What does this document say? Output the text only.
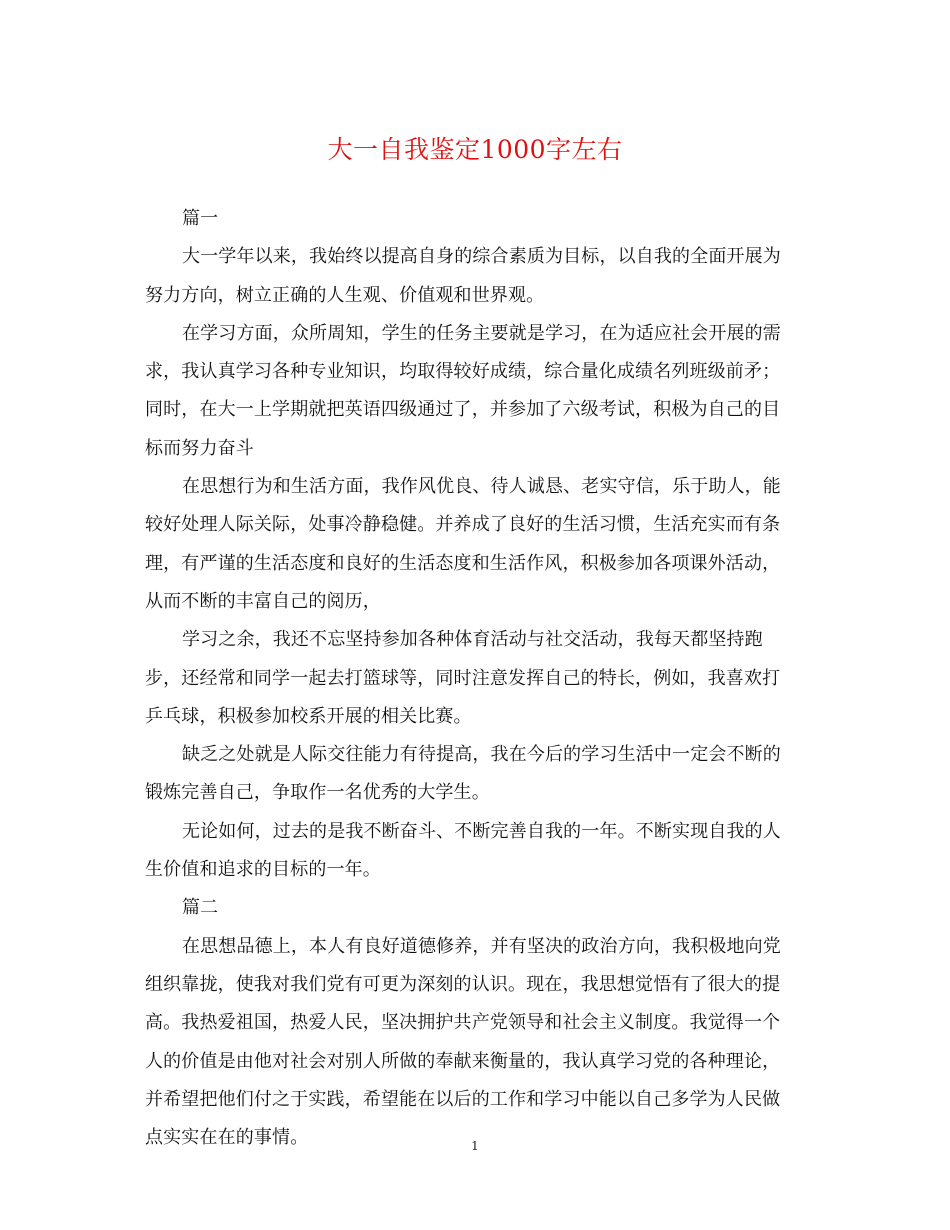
大一自我鉴定1000字左右
篇一
大一学年以来，我始终以提高自身的综合素质为目标，以自我的全面开展为
努力方向，树立正确的人生观、价值观和世界观。
在学习方面，众所周知，学生的任务主要就是学习，在为适应社会开展的需
求，我认真学习各种专业知识，均取得较好成绩，综合量化成绩名列班级前矛；
同时，在大一上学期就把英语四级通过了，并参加了六级考试，积极为自己的目
标而努力奋斗
在思想行为和生活方面，我作风优良、待人诚恳、老实守信，乐于助人，能
较好处理人际关际，处事冷静稳健。并养成了良好的生活习惯，生活充实而有条
理，有严谨的生活态度和良好的生活态度和生活作风，积极参加各项课外活动，
从而不断的丰富自己的阅历，
学习之余，我还不忘坚持参加各种体育活动与社交活动，我每天都坚持跑
步，还经常和同学一起去打篮球等，同时注意发挥自己的特长，例如，我喜欢打
乒乓球，积极参加校系开展的相关比赛。
缺乏之处就是人际交往能力有待提高，我在今后的学习生活中一定会不断的
锻炼完善自己，争取作一名优秀的大学生。
无论如何，过去的是我不断奋斗、不断完善自我的一年。不断实现自我的人
生价值和追求的目标的一年。
篇二
在思想品德上，本人有良好道德修养，并有坚决的政治方向，我积极地向党
组织靠拢，使我对我们党有可更为深刻的认识。现在，我思想觉悟有了很大的提
高。我热爱祖国，热爱人民，坚决拥护共产党领导和社会主义制度。我觉得一个
人的价值是由他对社会对别人所做的奉献来衡量的，我认真学习党的各种理论，
并希望把他们付之于实践，希望能在以后的工作和学习中能以自己多学为人民做
点实实在在的事情。	1
